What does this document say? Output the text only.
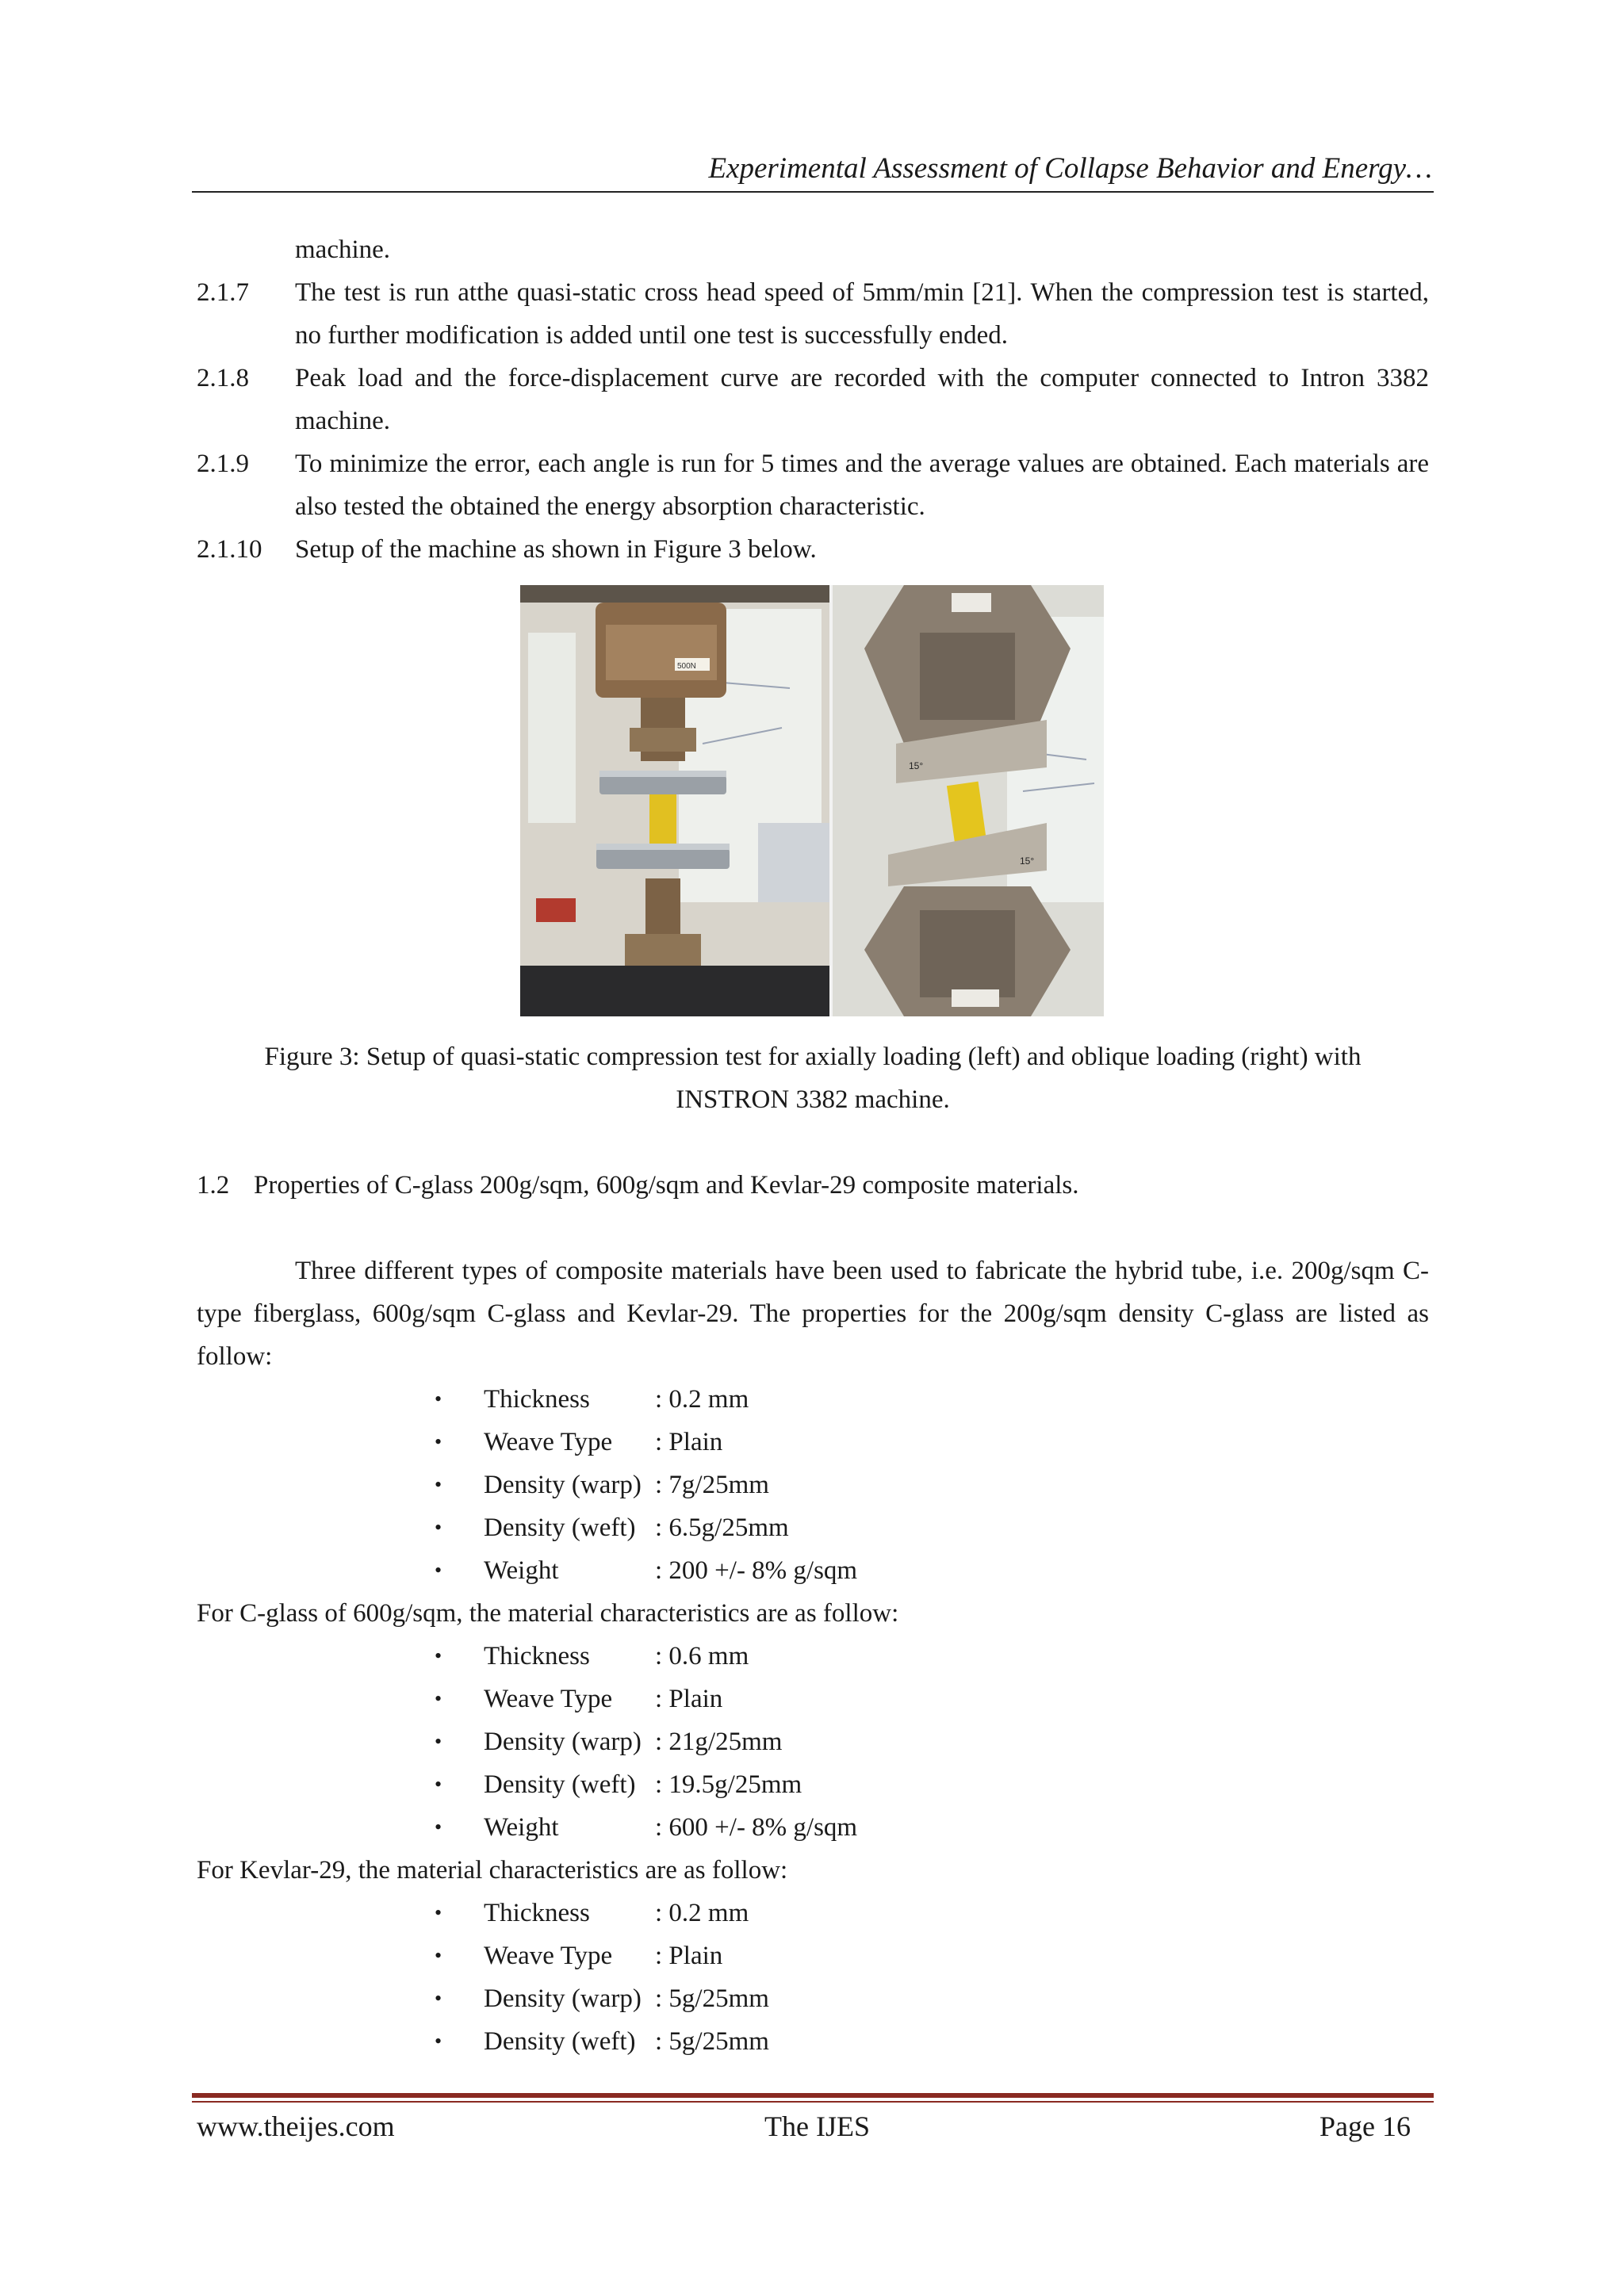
Experimental Assessment of Collapse Behavior and Energy…
machine.
2.1.7 The test is run atthe quasi-static cross head speed of 5mm/min [21]. When the compression test is started, no further modification is added until one test is successfully ended.
2.1.8 Peak load and the force-displacement curve are recorded with the computer connected to Intron 3382 machine.
2.1.9 To minimize the error, each angle is run for 5 times and the average values are obtained. Each materials are also tested the obtained the energy absorption characteristic.
2.1.10 Setup of the machine as shown in Figure 3 below.
500N
15°
15°
Figure 3: Setup of quasi-static compression test for axially loading (left) and oblique loading (right) with INSTRON 3382 machine.
1.2 Properties of C-glass 200g/sqm, 600g/sqm and Kevlar-29 composite materials.
Three different types of composite materials have been used to fabricate the hybrid tube, i.e. 200g/sqm C-type fiberglass, 600g/sqm C-glass and Kevlar-29. The properties for the 200g/sqm density C-glass are listed as follow:
• Thickness : 0.2 mm
• Weave Type : Plain
• Density (warp) : 7g/25mm
• Density (weft) : 6.5g/25mm
• Weight	: 200 +/- 8% g/sqm
For C-glass of 600g/sqm, the material characteristics are as follow:
• Thickness : 0.6 mm
• Weave Type : Plain
• Density (warp) : 21g/25mm
• Density (weft) : 19.5g/25mm
• Weight	: 600 +/- 8% g/sqm
For Kevlar-29, the material characteristics are as follow:
• Thickness : 0.2 mm
• Weave Type : Plain
• Density (warp) : 5g/25mm
• Density (weft) : 5g/25mm
www.theijes.com	The IJES	Page 16
